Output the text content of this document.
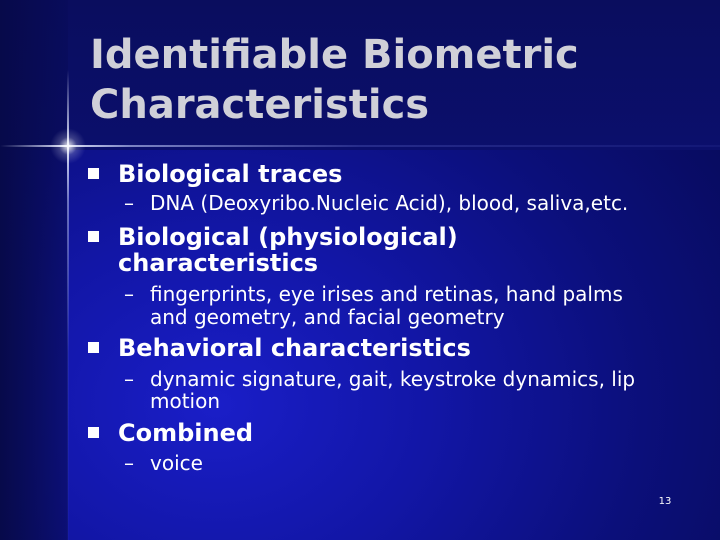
Identifiable Biometric
Characteristics
Biological traces
– DNA (Deoxyribo.Nucleic Acid), blood, saliva,etc.
Biological (physiological)
characteristics
– fingerprints, eye irises and retinas, hand palms
and geometry, and facial geometry
Behavioral characteristics
– dynamic signature, gait, keystroke dynamics, lip
motion
Combined
– voice
13
